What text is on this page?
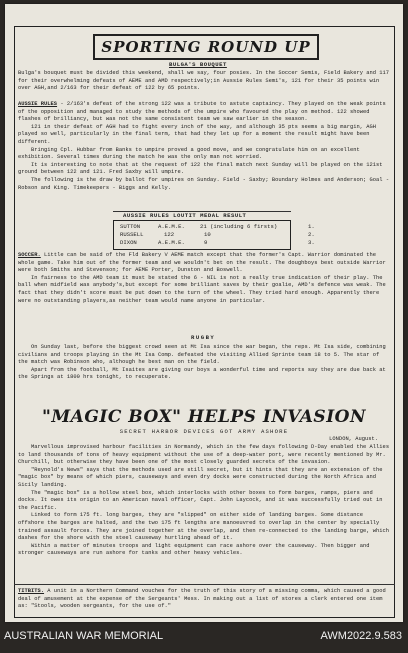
SPORTING ROUND UP
BULGA'S BOUQUET
Bulga's bouquet must be divided this weekend, shall we say, four posies. In the Soccer Semis, Field Bakery and 117 for their overwhelming defeats of AEME and AMD respectively;in Aussie Rules Semi's, 121 for their 35 points win over AGH,and 2/163 for their defeat of 122 by 65 points.
AUSSIE RULES - 2/163's defeat of the strong 122 was a tribute to astute captaincy. They played on the weak points of the opposition and managed to study the methods of the umpire who favoured the play on method. 122 showed flashes of brilliancy, but was not the same consistent team we saw earlier in the season.
121 in their defeat of AGH had to fight every inch of the way, and although 35 pts seems a big margin, AGH played so well, particularly in the final term, that had they let up for a moment the result might have been different.
Bringing Cpl. Hubbar from Banks to umpire proved a good move, and we congratulate him on an excellent exhibition. Several times during the match he was the only man not worried.
It is interesting to note that at the request of 122 the final match next Sunday will be played on the 121st ground between 122 and 121. Fred Saxby will umpire.
The following is the draw by ballot for umpires on Sunday. Field - Saxby; Boundary Holmes and Anderson; Goal - Robson and King. Timekeepers - Biggs and Kelly.
AUSSIE RULES LOUTIT MEDAL RESULT
SUTTON	A.E.M.E.	21 (including 6 firsts)	1.
RUSSELL	122	10	2.
DIXON	A.E.M.E.	9	3.
SOCCER. Little can be said of the Fld Bakery V AEME match except that the former's Capt. Warrior dominated the whole game. Take him out of the former team and we wouldn't bet on the result. The doughboys best outside Warrior were both Smiths and Stevenson; for AEME Porter, Dunston and Boswell.
In fairness to the AMD team it must be stated the 6 - NIL is not a really true indication of their play. The ball when midfield was anybody's,but except for some brilliant saves by their goalie, AMD's defence was weak. The fact that they didn't score must be put down to the turn of the wheel. They tried hard enough. Apparently there were no outstanding players,as neither team would name anyone in particular.
RUGBY
On Sunday last, before the biggest crowd seen at Mt Isa since the war began, the reps. Mt Isa side, combining civilians and troops playing in the Mt Isa Comp. defeated the visiting Allied Sprinte team 18 to 5. The star of the match was Robinson who, although he best man on the field.
Apart from the football, Mt Isaites are giving our boys a wonderful time and reports say they are due back at the Springs at 1800 hrs tonight, to recuperate.
"MAGIC BOX" HELPS INVASION
SECRET HARBOR DEVICES GOT ARMY ASHORE
LONDON, August.
Marvellous improvised harbour facilities in Normandy, which in the few days following D-Day enabled the Allies to land thousands of tons of heavy equipment without the use of a deep-water port, were recently mentioned by Mr. Churchill, but otherwise they have been one of the most closely guarded secrets of the invasion.
"Reynold's News" says that the methods used are still secret, but it hints that they are an extension of the "magic box" by means of which piers, causeways and even dry docks were constructed during the North Africa and Sicily landing.
The "magic box" is a hollow steel box, which interlocks with other boxes to form barges, ramps, piers and docks. It owes its origin to an American naval officer, Capt. John Laycock, and it was successfully tried out in the Pacific.
Linked to form 175 ft. long barges, they are "slipped" on either side of landing barges. Some distance offshore the barges are halted, and the two 175 ft lengths are manoeuvred to overlap in the center by specially trained assault forces. They are joined together at the overlap, and then re-connected to the landing barge, which dashes for the shore with the steel causeway hurtling ahead of it.
Within a matter of minutes troops and light equipment can race ashore over the causeway. Then bigger and stronger causeways are run ashore for tanks and other heavy vehicles.
TITBITS. A unit in a Northern Command vouches for the truth of this story of a missing comma, which caused a good deal of amusement at the expense of the Sergeants' Mess. In making out a list of stores a clerk entered one item as: "Stools, wooden sergeants, for the use of."
AUSTRALIAN WAR MEMORIAL	AWM2022.9.583
